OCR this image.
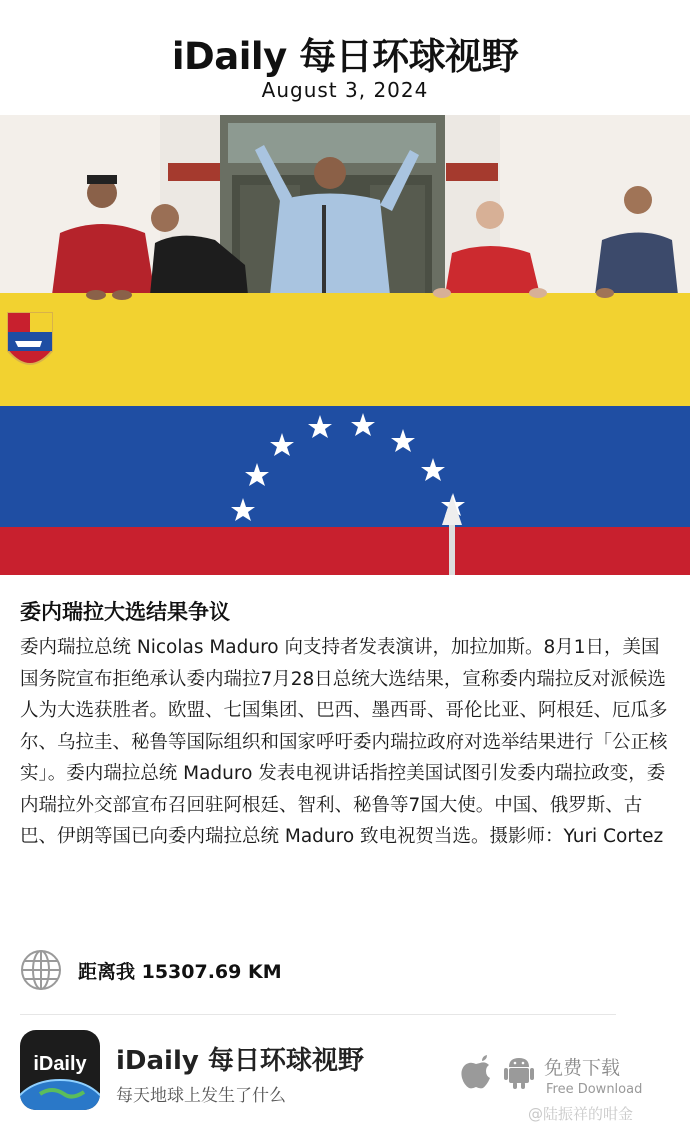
iDaily 每日环球视野
August 3, 2024
委内瑞拉大选结果争议
委内瑞拉总统 Nicolas Maduro 向支持者发表演讲，加拉加斯。8月1日，美国国务院宣布拒绝承认委内瑞拉7月28日总统大选结果，宣称委内瑞拉反对派候选人为大选获胜者。欧盟、七国集团、巴西、墨西哥、哥伦比亚、阿根廷、厄瓜多尔、乌拉圭、秘鲁等国际组织和国家呼吁委内瑞拉政府对选举结果进行「公正核实」。委内瑞拉总统 Maduro 发表电视讲话指控美国试图引发委内瑞拉政变，委内瑞拉外交部宣布召回驻阿根廷、智利、秘鲁等7国大使。中国、俄罗斯、古巴、伊朗等国已向委内瑞拉总统 Maduro 致电祝贺当选。摄影师：Yuri Cortez
距离我 15307.69 KM
iDaily iDaily 每日环球视野
每天地球上发生了什么
免费下载
Free Download
@陆振祥的咁金
